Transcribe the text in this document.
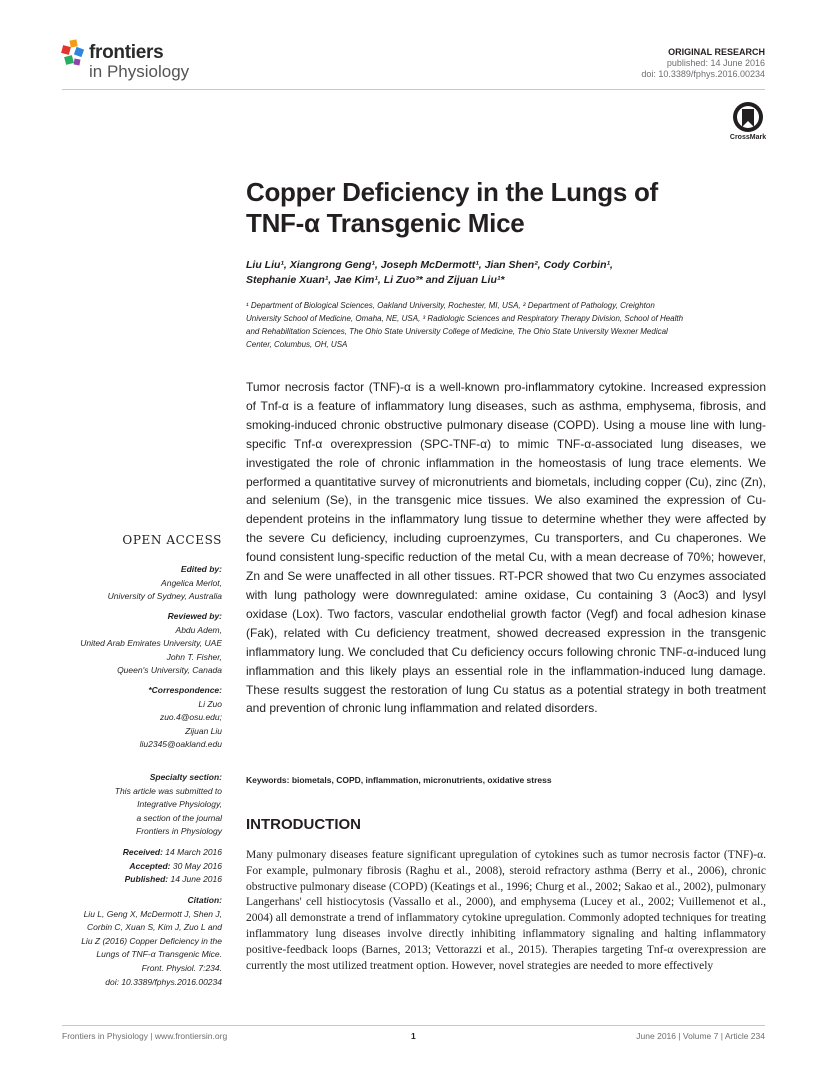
frontiers
in Physiology
ORIGINAL RESEARCH
published: 14 June 2016
doi: 10.3389/fphys.2016.00234
CrossMark
Copper Deficiency in the Lungs of
TNF-α Transgenic Mice
Liu Liu¹, Xiangrong Geng¹, Joseph McDermott¹, Jian Shen², Cody Corbin¹,
Stephanie Xuan¹, Jae Kim¹, Li Zuo³* and Zijuan Liu¹*
¹ Department of Biological Sciences, Oakland University, Rochester, MI, USA, ² Department of Pathology, Creighton
University School of Medicine, Omaha, NE, USA, ³ Radiologic Sciences and Respiratory Therapy Division, School of Health
and Rehabilitation Sciences, The Ohio State University College of Medicine, The Ohio State University Wexner Medical
Center, Columbus, OH, USA
Tumor necrosis factor (TNF)-α is a well-known pro-inflammatory cytokine. Increased expression of Tnf-α is a feature of inflammatory lung diseases, such as asthma, emphysema, fibrosis, and smoking-induced chronic obstructive pulmonary disease (COPD). Using a mouse line with lung-specific Tnf-α overexpression (SPC-TNF-α) to mimic TNF-α-associated lung diseases, we investigated the role of chronic inflammation in the homeostasis of lung trace elements. We performed a quantitative survey of micronutrients and biometals, including copper (Cu), zinc (Zn), and selenium (Se), in the transgenic mice tissues. We also examined the expression of Cu-dependent proteins in the inflammatory lung tissue to determine whether they were affected by the severe Cu deficiency, including cuproenzymes, Cu transporters, and Cu chaperones. We found consistent lung-specific reduction of the metal Cu, with a mean decrease of 70%; however, Zn and Se were unaffected in all other tissues. RT-PCR showed that two Cu enzymes associated with lung pathology were downregulated: amine oxidase, Cu containing 3 (Aoc3) and lysyl oxidase (Lox). Two factors, vascular endothelial growth factor (Vegf) and focal adhesion kinase (Fak), related with Cu deficiency treatment, showed decreased expression in the transgenic inflammatory lung. We concluded that Cu deficiency occurs following chronic TNF-α-induced lung inflammation and this likely plays an essential role in the inflammation-induced lung damage. These results suggest the restoration of lung Cu status as a potential strategy in both treatment and prevention of chronic lung inflammation and related disorders.
Keywords: biometals, COPD, inflammation, micronutrients, oxidative stress
INTRODUCTION
Many pulmonary diseases feature significant upregulation of cytokines such as tumor necrosis factor (TNF)-α. For example, pulmonary fibrosis (Raghu et al., 2008), steroid refractory asthma (Berry et al., 2006), chronic obstructive pulmonary disease (COPD) (Keatings et al., 1996; Churg et al., 2002; Sakao et al., 2002), pulmonary Langerhans' cell histiocytosis (Vassallo et al., 2000), and emphysema (Lucey et al., 2002; Vuillemenot et al., 2004) all demonstrate a trend of inflammatory cytokine upregulation. Commonly adopted techniques for treating inflammatory lung diseases involve directly inhibiting inflammatory signaling and halting inflammatory positive-feedback loops (Barnes, 2013; Vettorazzi et al., 2015). Therapies targeting Tnf-α overexpression are currently the most utilized treatment option. However, novel strategies are needed to more effectively
OPEN ACCESS
Edited by:
Angelica Merlot,
University of Sydney, Australia
Reviewed by:
Abdu Adem,
United Arab Emirates University, UAE
John T. Fisher,
Queen's University, Canada
*Correspondence:
Li Zuo
zuo.4@osu.edu;
Zijuan Liu
liu2345@oakland.edu
Specialty section:
This article was submitted to
Integrative Physiology,
a section of the journal
Frontiers in Physiology
Received: 14 March 2016
Accepted: 30 May 2016
Published: 14 June 2016
Citation:
Liu L, Geng X, McDermott J, Shen J,
Corbin C, Xuan S, Kim J, Zuo L and
Liu Z (2016) Copper Deficiency in the
Lungs of TNF-α Transgenic Mice.
Front. Physiol. 7:234.
doi: 10.3389/fphys.2016.00234
Frontiers in Physiology | www.frontiersin.org	1	June 2016 | Volume 7 | Article 234
